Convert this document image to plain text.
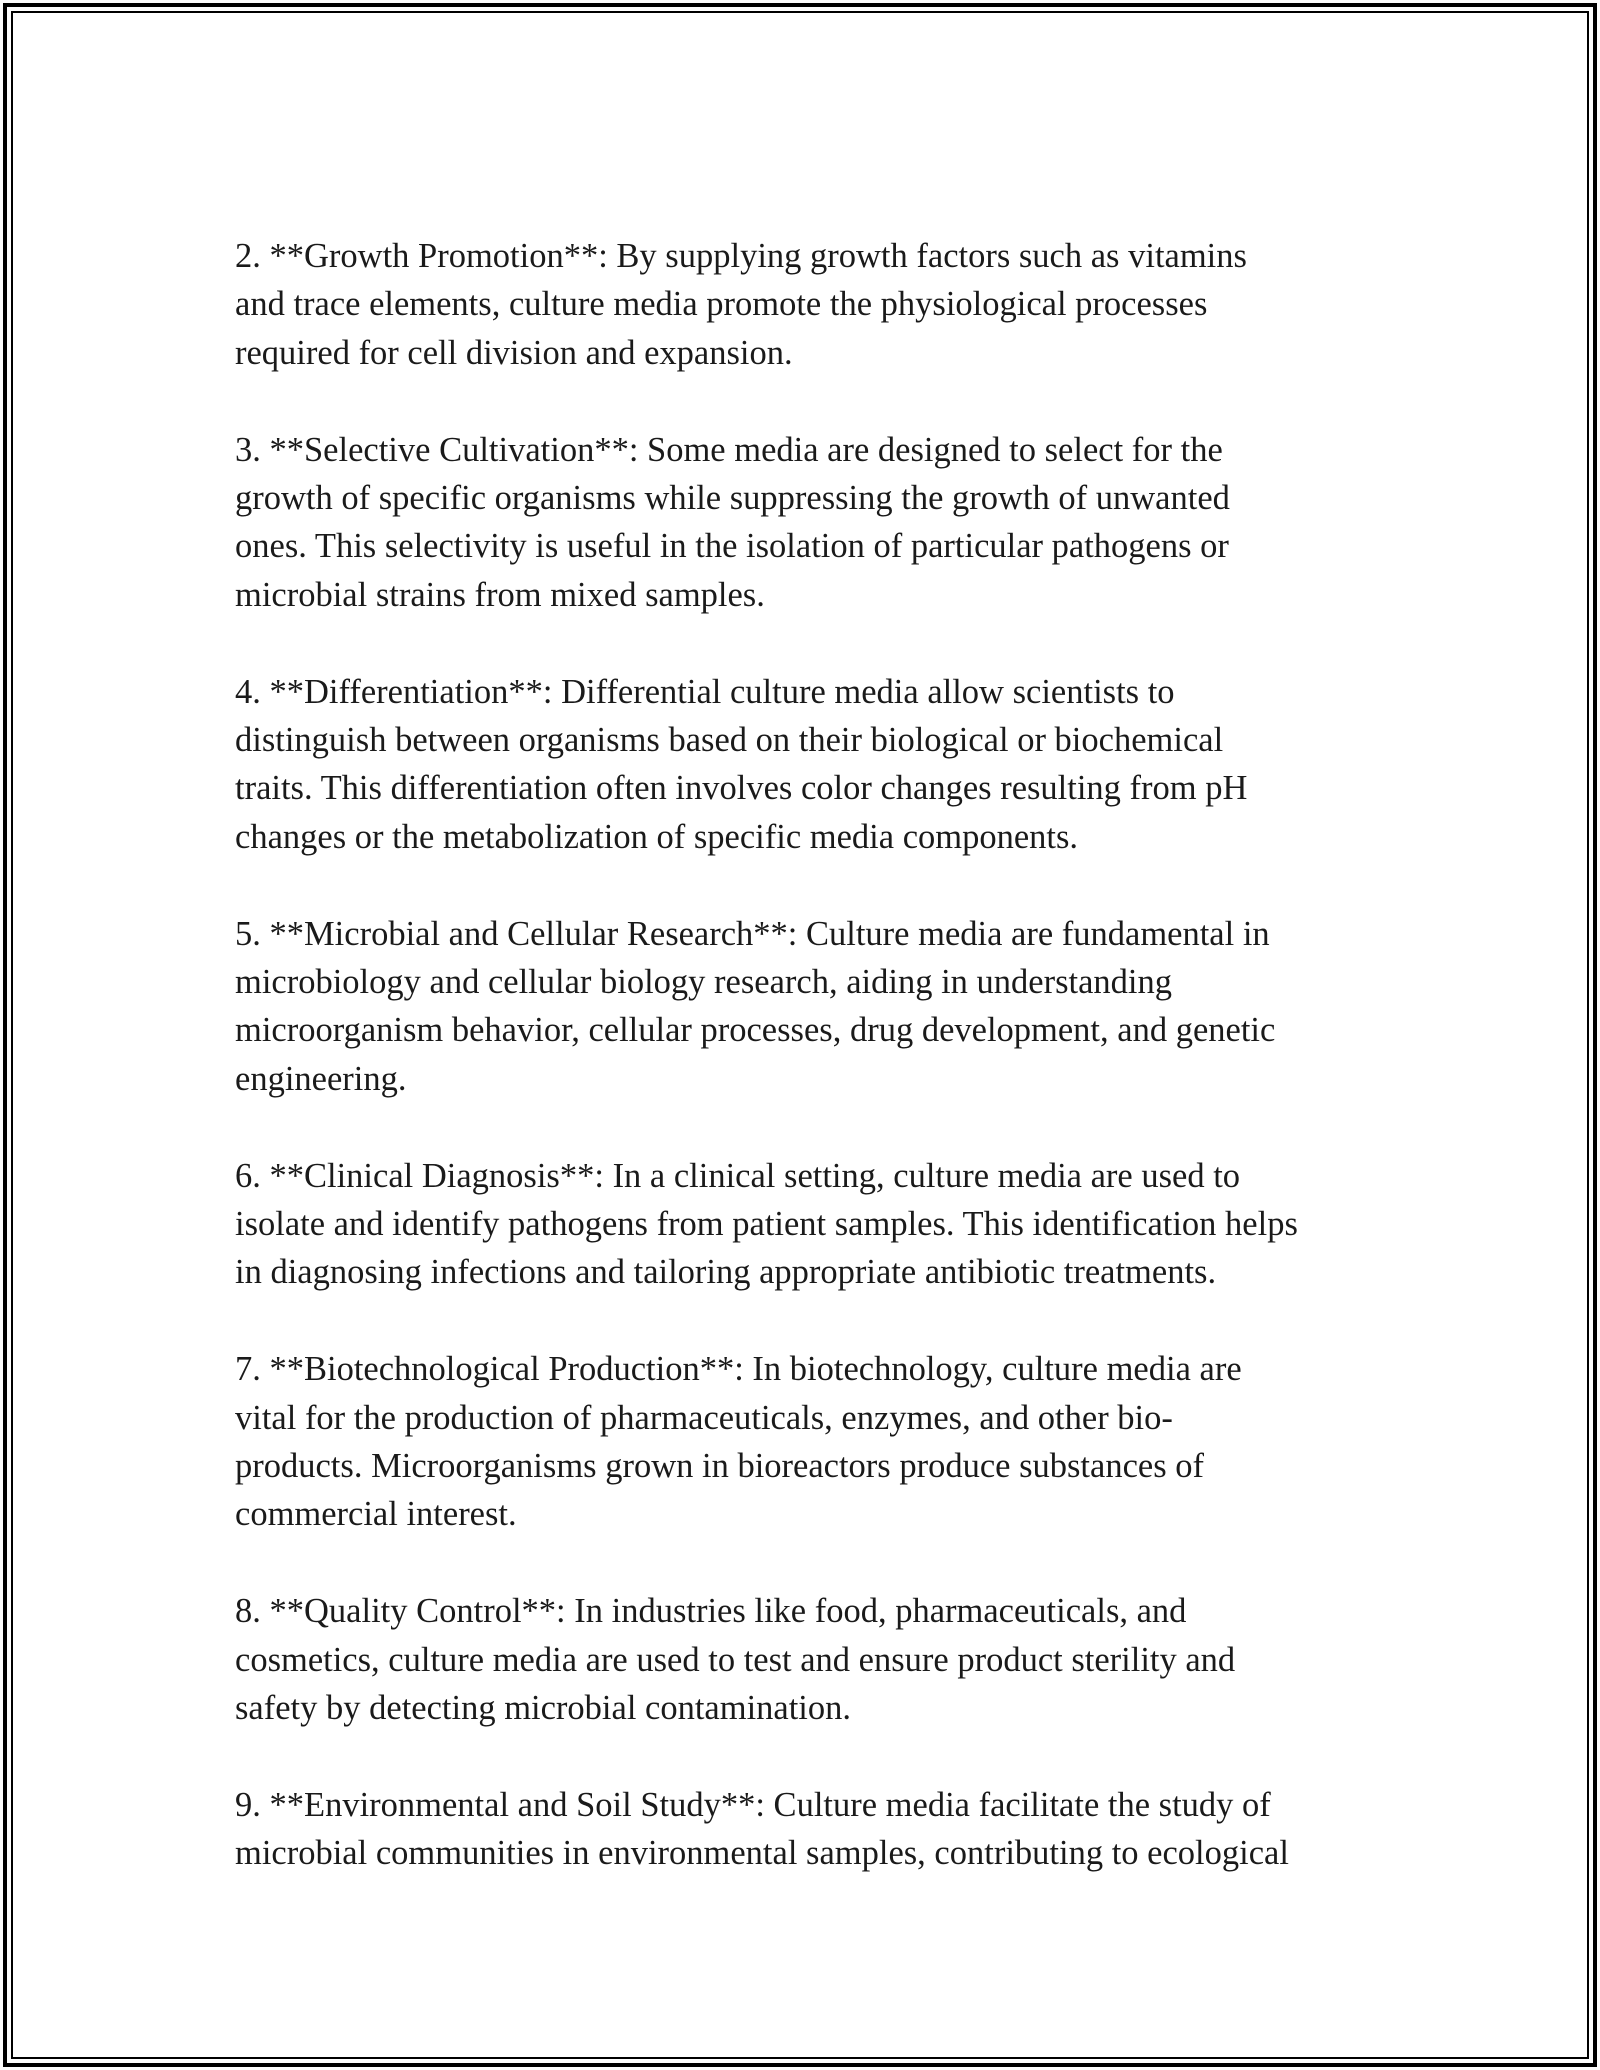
2. **Growth Promotion**: By supplying growth factors such as vitamins
and trace elements, culture media promote the physiological processes
required for cell division and expansion.

3. **Selective Cultivation**: Some media are designed to select for the
growth of specific organisms while suppressing the growth of unwanted
ones. This selectivity is useful in the isolation of particular pathogens or
microbial strains from mixed samples.

4. **Differentiation**: Differential culture media allow scientists to
distinguish between organisms based on their biological or biochemical
traits. This differentiation often involves color changes resulting from pH
changes or the metabolization of specific media components.

5. **Microbial and Cellular Research**: Culture media are fundamental in
microbiology and cellular biology research, aiding in understanding
microorganism behavior, cellular processes, drug development, and genetic
engineering.

6. **Clinical Diagnosis**: In a clinical setting, culture media are used to
isolate and identify pathogens from patient samples. This identification helps
in diagnosing infections and tailoring appropriate antibiotic treatments.

7. **Biotechnological Production**: In biotechnology, culture media are
vital for the production of pharmaceuticals, enzymes, and other bio-
products. Microorganisms grown in bioreactors produce substances of
commercial interest.

8. **Quality Control**: In industries like food, pharmaceuticals, and
cosmetics, culture media are used to test and ensure product sterility and
safety by detecting microbial contamination.

9. **Environmental and Soil Study**: Culture media facilitate the study of
microbial communities in environmental samples, contributing to ecological
